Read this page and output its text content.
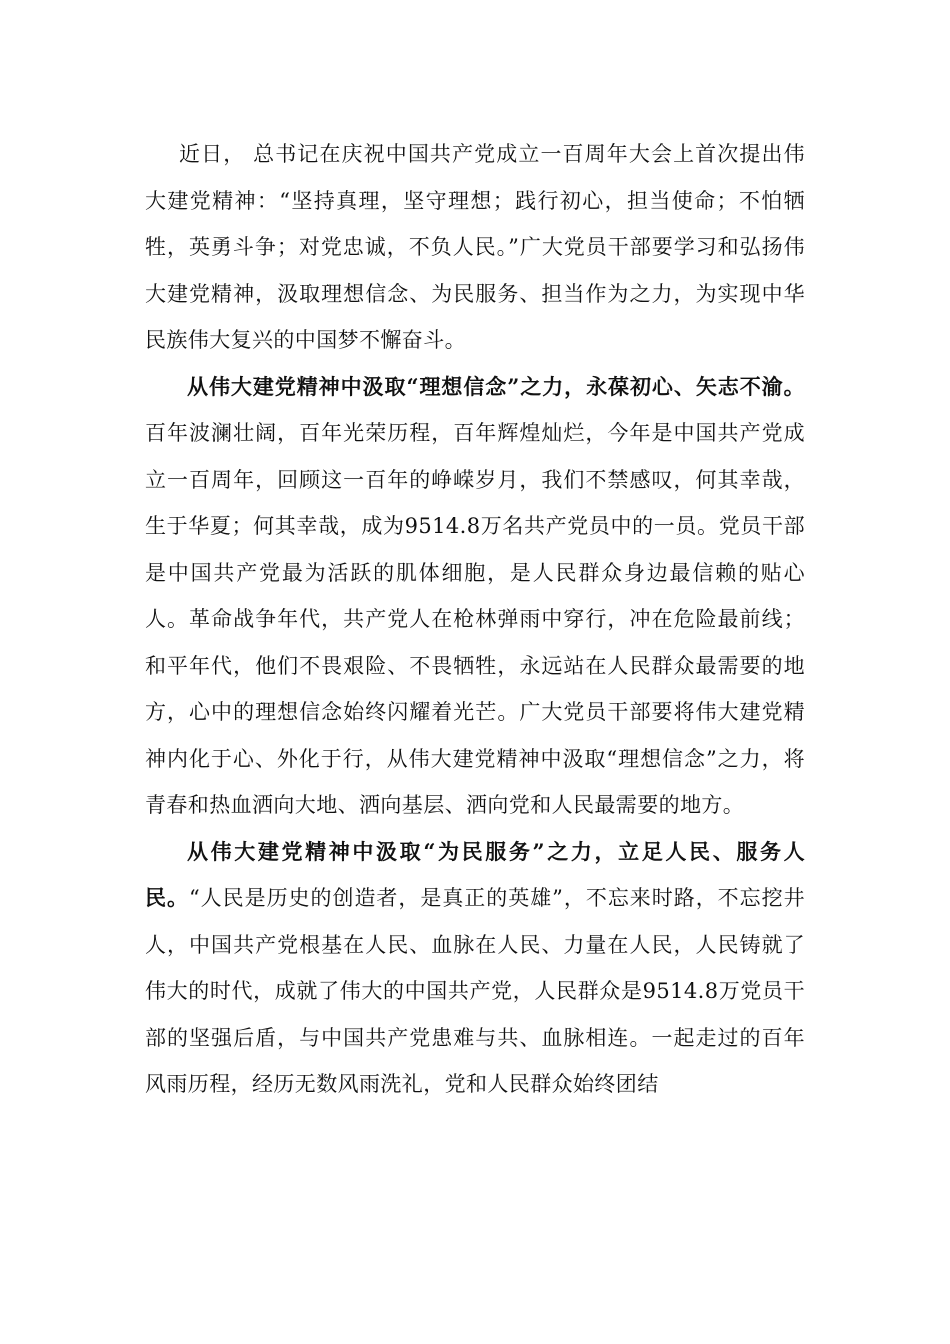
近日， 总书记在庆祝中国共产党成立一百周年大会上首次提出伟大建党精神：“坚持真理，坚守理想；践行初心，担当使命；不怕牺牲，英勇斗争；对党忠诚，不负人民。”广大党员干部要学习和弘扬伟大建党精神，汲取理想信念、为民服务、担当作为之力，为实现中华民族伟大复兴的中国梦不懈奋斗。

从伟大建党精神中汲取“理想信念”之力，永葆初心、矢志不渝。百年波澜壮阔，百年光荣历程，百年辉煌灿烂，今年是中国共产党成立一百周年，回顾这一百年的峥嵘岁月，我们不禁感叹，何其幸哉，生于华夏；何其幸哉，成为9514.8万名共产党员中的一员。党员干部是中国共产党最为活跃的肌体细胞，是人民群众身边最信赖的贴心人。革命战争年代，共产党人在枪林弹雨中穿行，冲在危险最前线；和平年代，他们不畏艰险、不畏牺牲，永远站在人民群众最需要的地方，心中的理想信念始终闪耀着光芒。广大党员干部要将伟大建党精神内化于心、外化于行，从伟大建党精神中汲取“理想信念”之力，将青春和热血洒向大地、洒向基层、洒向党和人民最需要的地方。

从伟大建党精神中汲取“为民服务”之力，立足人民、服务人民。“人民是历史的创造者，是真正的英雄”，不忘来时路，不忘挖井人，中国共产党根基在人民、血脉在人民、力量在人民，人民铸就了伟大的时代，成就了伟大的中国共产党，人民群众是9514.8万党员干部的坚强后盾，与中国共产党患难与共、血脉相连。一起走过的百年风雨历程，经历无数风雨洗礼，党和人民群众始终团结
